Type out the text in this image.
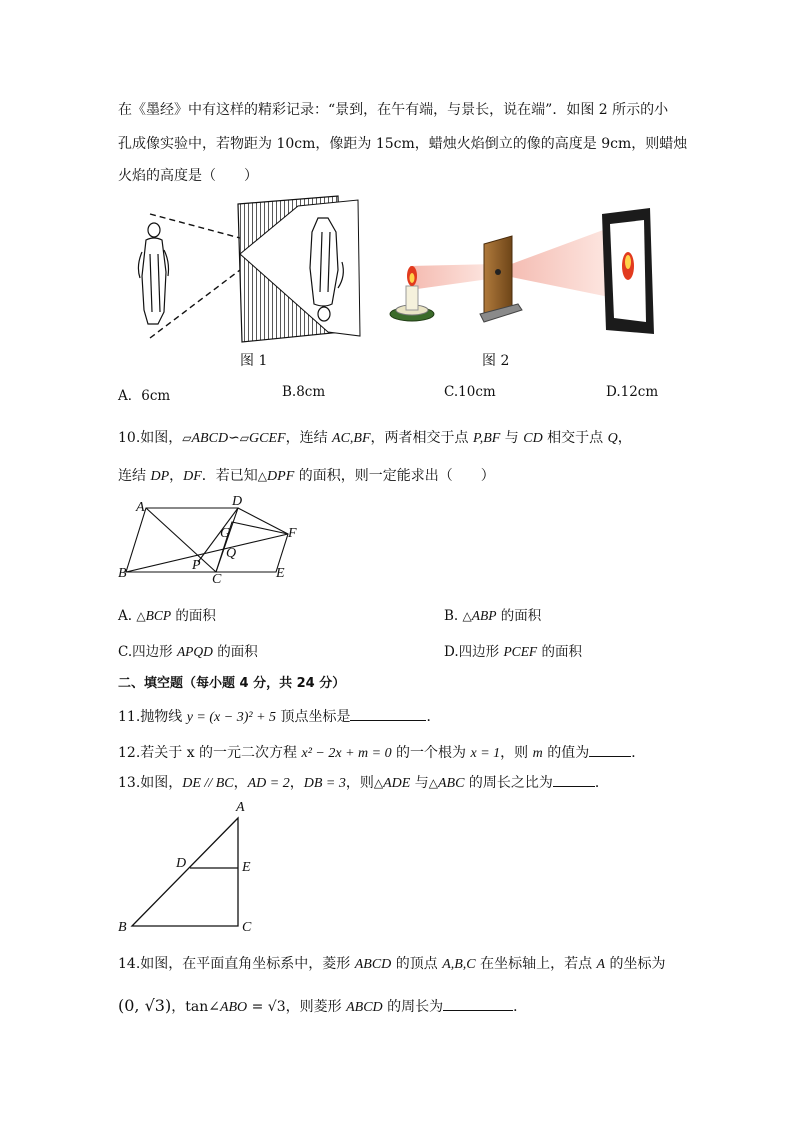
在《墨经》中有这样的精彩记录：“景到，在午有端，与景长，说在端”．如图 2 所示的小
孔成像实验中，若物距为 10cm，像距为 15cm，蜡烛火焰倒立的像的高度是 9cm，则蜡烛
火焰的高度是（　　）
图 1	图 2
A．6cm	B.8cm	C.10cm	D.12cm
10.如图，▱ABCD∽▱GCEF，连结 AC,BF，两者相交于点 P,BF 与 CD 相交于点 Q，
连结 DP，DF．若已知△DPF 的面积，则一定能求出（　　）
A	D
G	F
Q
P
B	C	E
A. △BCP 的面积	B. △ABP 的面积
C.四边形 APQD 的面积	D.四边形 PCEF 的面积
二、填空题（每小题 4 分，共 24 分）
11.抛物线 y = (x − 3)² + 5 顶点坐标是	．
12.若关于 x 的一元二次方程 x² − 2x + m = 0 的一个根为 x = 1，则 m 的值为	．
13.如图，DE // BC，AD = 2，DB = 3，则△ADE 与△ABC 的周长之比为	．
A
D	E
B	C
14.如图，在平面直角坐标系中，菱形 ABCD 的顶点 A,B,C 在坐标轴上，若点 A 的坐标为
(0, √3)，tan∠ABO = √3，则菱形 ABCD 的周长为	．
